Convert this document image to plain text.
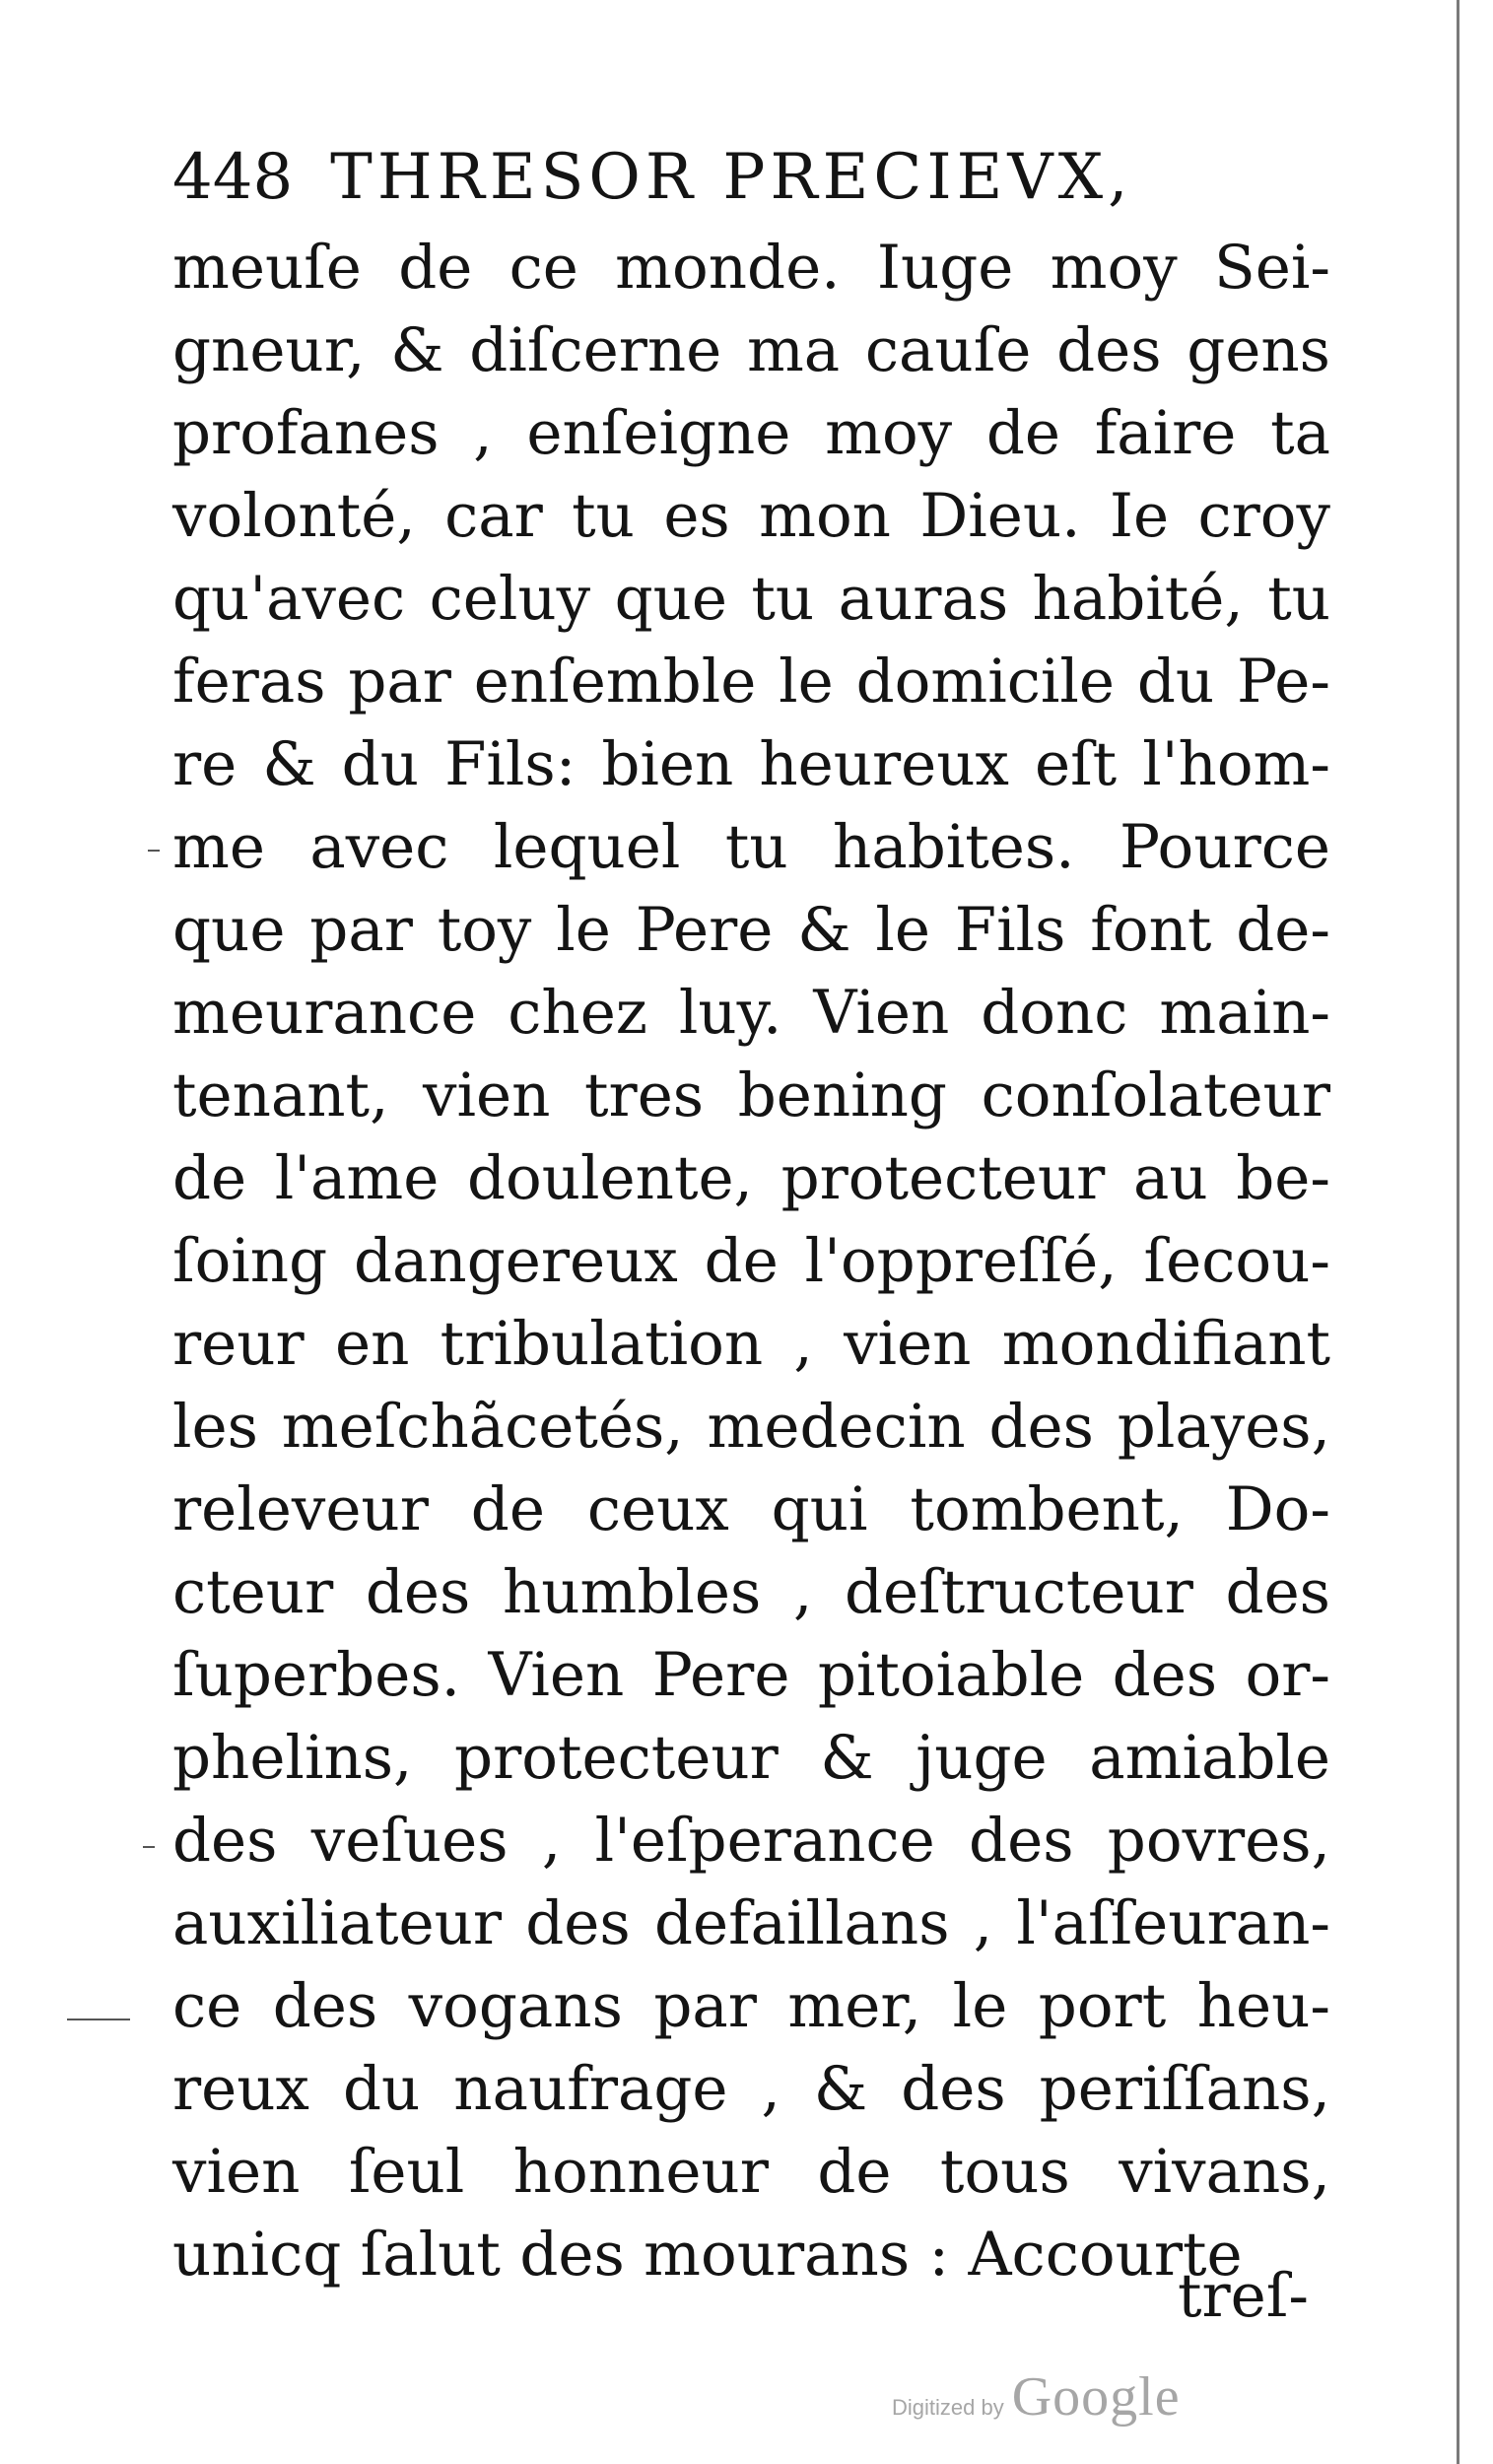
448 THRESOR PRECIEVX,
meuſe de ce monde. Iuge moy Sei-
gneur, & diſcerne ma cauſe des gens
profanes , enſeigne moy de faire ta
volonté, car tu es mon Dieu. Ie croy
qu'avec celuy que tu auras habité, tu
feras par enſemble le domicile du Pe-
re & du Fils: bien heureux eſt l'hom-
me avec lequel tu habites. Pource
que par toy le Pere & le Fils font de-
meurance chez luy. Vien donc main-
tenant, vien tres bening conſolateur
de l'ame doulente, protecteur au be-
ſoing dangereux de l'oppreſſé, ſecou-
reur en tribulation , vien mondifiant
les meſchãcetés, medecin des playes,
releveur de ceux qui tombent, Do-
cteur des humbles , deſtructeur des
ſuperbes. Vien Pere pitoiable des or-
phelins, protecteur & juge amiable
des veſues , l'eſperance des povres,
auxiliateur des defaillans , l'aſſeuran-
ce des vogans par mer, le port heu-
reux du naufrage , & des periſſans,
vien ſeul honneur de tous vivans,
unicq ſalut des mourans : Accourte
treſ-
Digitized by Google
